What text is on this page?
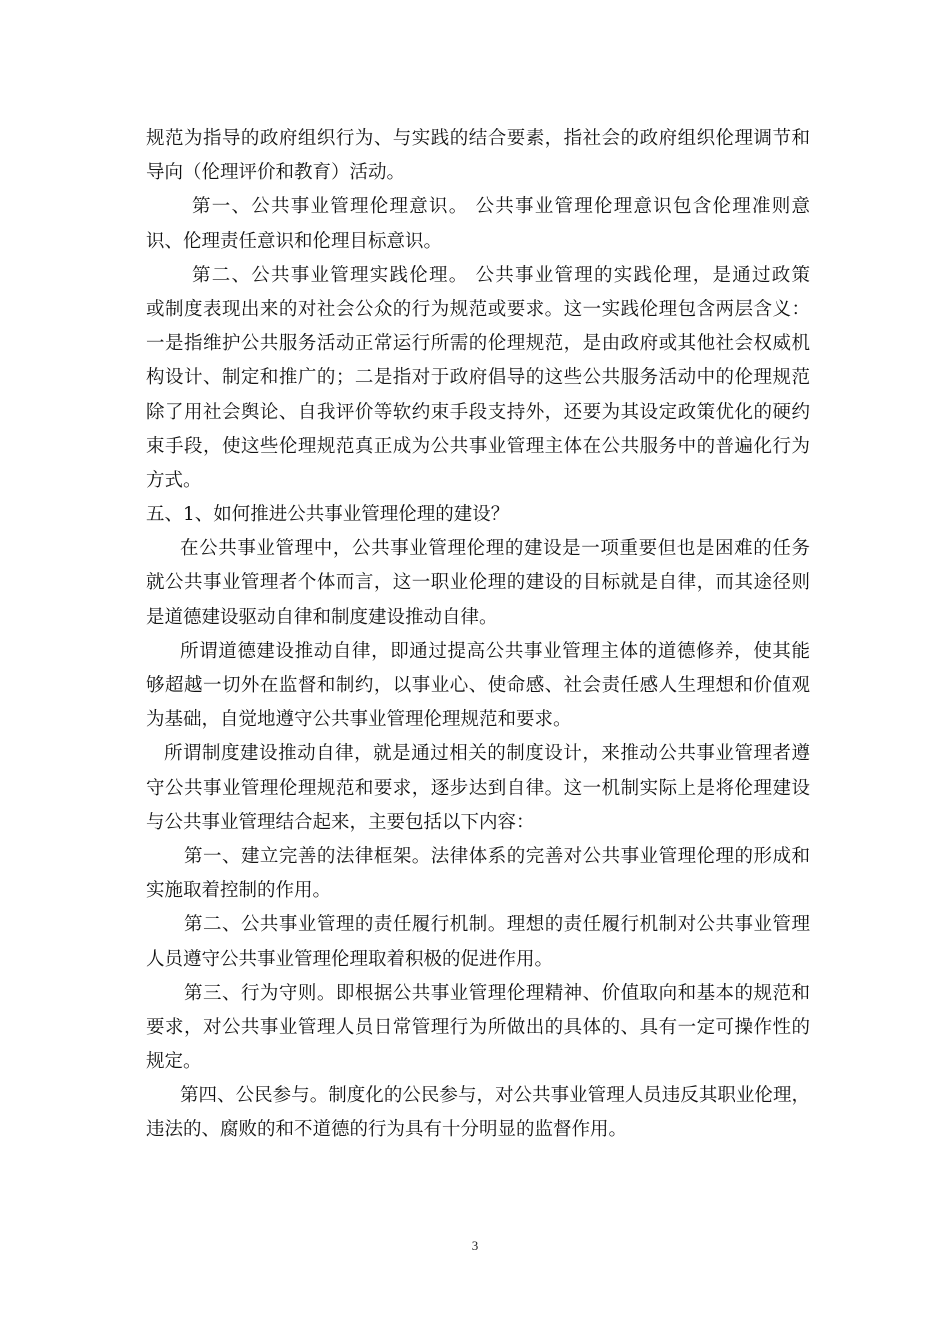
规范为指导的政府组织行为、与实践的结合要素，指社会的政府组织伦理调节和
导向（伦理评价和教育）活动。
第一、公共事业管理伦理意识。 公共事业管理伦理意识包含伦理准则意
识、伦理责任意识和伦理目标意识。
第二、公共事业管理实践伦理。 公共事业管理的实践伦理，是通过政策
或制度表现出来的对社会公众的行为规范或要求。这一实践伦理包含两层含义：
一是指维护公共服务活动正常运行所需的伦理规范，是由政府或其他社会权威机
构设计、制定和推广的；二是指对于政府倡导的这些公共服务活动中的伦理规范
除了用社会舆论、自我评价等软约束手段支持外，还要为其设定政策优化的硬约
束手段，使这些伦理规范真正成为公共事业管理主体在公共服务中的普遍化行为
方式。
五、1、如何推进公共事业管理伦理的建设？
在公共事业管理中，公共事业管理伦理的建设是一项重要但也是困难的任务
就公共事业管理者个体而言，这一职业伦理的建设的目标就是自律，而其途径则
是道德建设驱动自律和制度建设推动自律。
所谓道德建设推动自律，即通过提高公共事业管理主体的道德修养，使其能
够超越一切外在监督和制约，以事业心、使命感、社会责任感人生理想和价值观
为基础，自觉地遵守公共事业管理伦理规范和要求。
所谓制度建设推动自律，就是通过相关的制度设计，来推动公共事业管理者遵
守公共事业管理伦理规范和要求，逐步达到自律。这一机制实际上是将伦理建设
与公共事业管理结合起来，主要包括以下内容：
第一、建立完善的法律框架。法律体系的完善对公共事业管理伦理的形成和
实施取着控制的作用。
第二、公共事业管理的责任履行机制。理想的责任履行机制对公共事业管理
人员遵守公共事业管理伦理取着积极的促进作用。
第三、行为守则。即根据公共事业管理伦理精神、价值取向和基本的规范和
要求，对公共事业管理人员日常管理行为所做出的具体的、具有一定可操作性的
规定。
第四、公民参与。制度化的公民参与，对公共事业管理人员违反其职业伦理，
违法的、腐败的和不道德的行为具有十分明显的监督作用。
3
